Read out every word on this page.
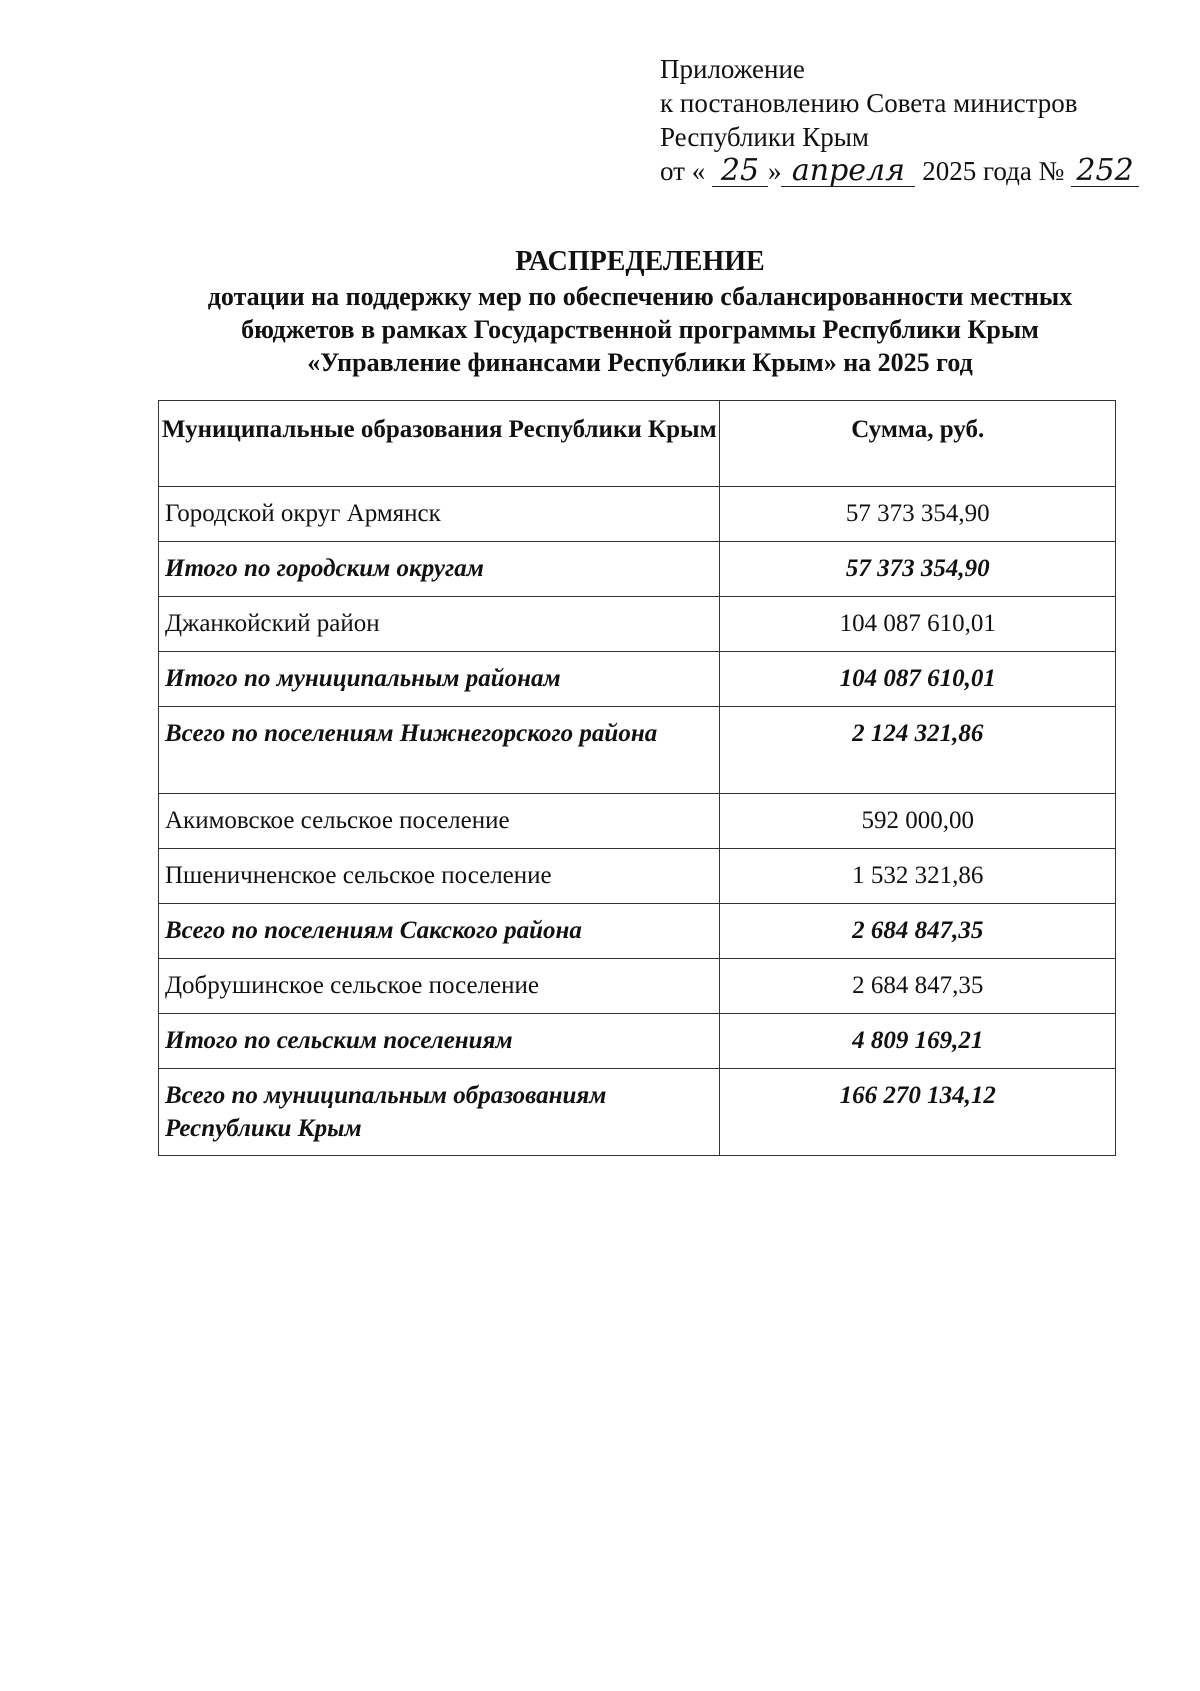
Приложение
к постановлению Совета министров
Республики Крым
от « 25 » апреля 2025 года № 252
РАСПРЕДЕЛЕНИЕ
дотации на поддержку мер по обеспечению сбалансированности местных
бюджетов в рамках Государственной программы Республики Крым
«Управление финансами Республики Крым» на 2025 год
Муниципальные образования Республики Крым	Сумма, руб.
Городской округ Армянск	57 373 354,90
Итого по городским округам	57 373 354,90
Джанкойский район	104 087 610,01
Итого по муниципальным районам	104 087 610,01
Всего по поселениям Нижнегорского района	2 124 321,86
Акимовское сельское поселение	592 000,00
Пшеничненское сельское поселение	1 532 321,86
Всего по поселениям Сакского района	2 684 847,35
Добрушинское сельское поселение	2 684 847,35
Итого по сельским поселениям	4 809 169,21
Всего по муниципальным образованиям Республики Крым	166 270 134,12
